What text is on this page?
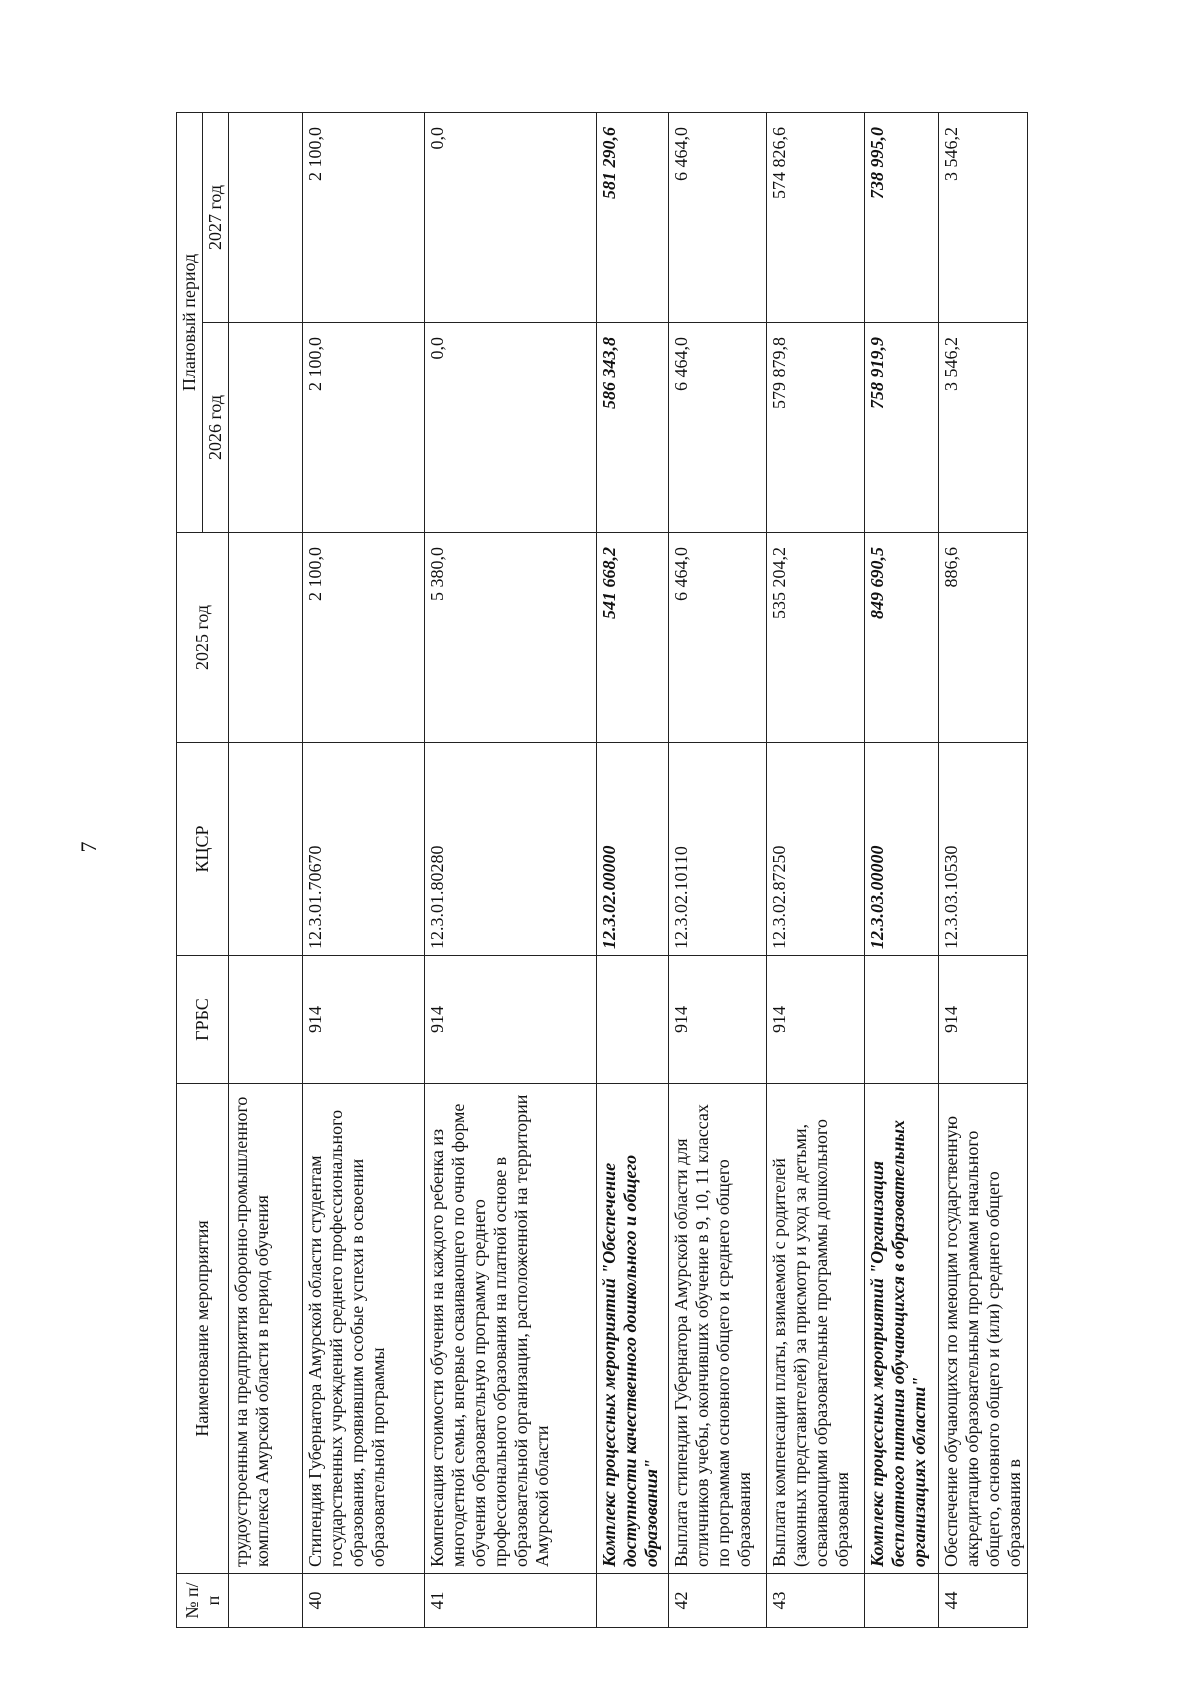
7
№ п/п	Наименование мероприятия	ГРБС	КЦСР	2025 год	Плановый период	
					2026 год	2027 год
	трудоустроенным на предприятия оборонно-промышленного комплекса Амурской области в период обучения					
40	Стипендия Губернатора Амурской области студентам государственных учреждений среднего профессионального образования, проявившим особые успехи в освоении образовательной программы	914	12.3.01.70670	2 100,0	2 100,0	2 100,0
41	Компенсация стоимости обучения на каждого ребенка из многодетной семьи, впервые осваивающего по очной форме обучения образовательную программу среднего профессионального образования на платной основе в образовательной организации, расположенной на территории Амурской области	914	12.3.01.80280	5 380,0	0,0	0,0
	Комплекс процессных мероприятий "Обеспечение доступности качественного дошкольного и общего образования"		12.3.02.00000	541 668,2	586 343,8	581 290,6
42	Выплата стипендии Губернатора Амурской области для отличников учебы, окончивших обучение в 9, 10, 11 классах по программам основного общего и среднего общего образования	914	12.3.02.10110	6 464,0	6 464,0	6 464,0
43	Выплата компенсации платы, взимаемой с родителей (законных представителей) за присмотр и уход за детьми, осваивающими образовательные программы дошкольного образования	914	12.3.02.87250	535 204,2	579 879,8	574 826,6
	Комплекс процессных мероприятий "Организация бесплатного питания обучающихся в образовательных организациях области"		12.3.03.00000	849 690,5	758 919,9	738 995,0
44	Обеспечение обучающихся по имеющим государственную аккредитацию образовательным программам начального общего, основного общего и (или) среднего общего образования в	914	12.3.03.10530	886,6	3 546,2	3 546,2
